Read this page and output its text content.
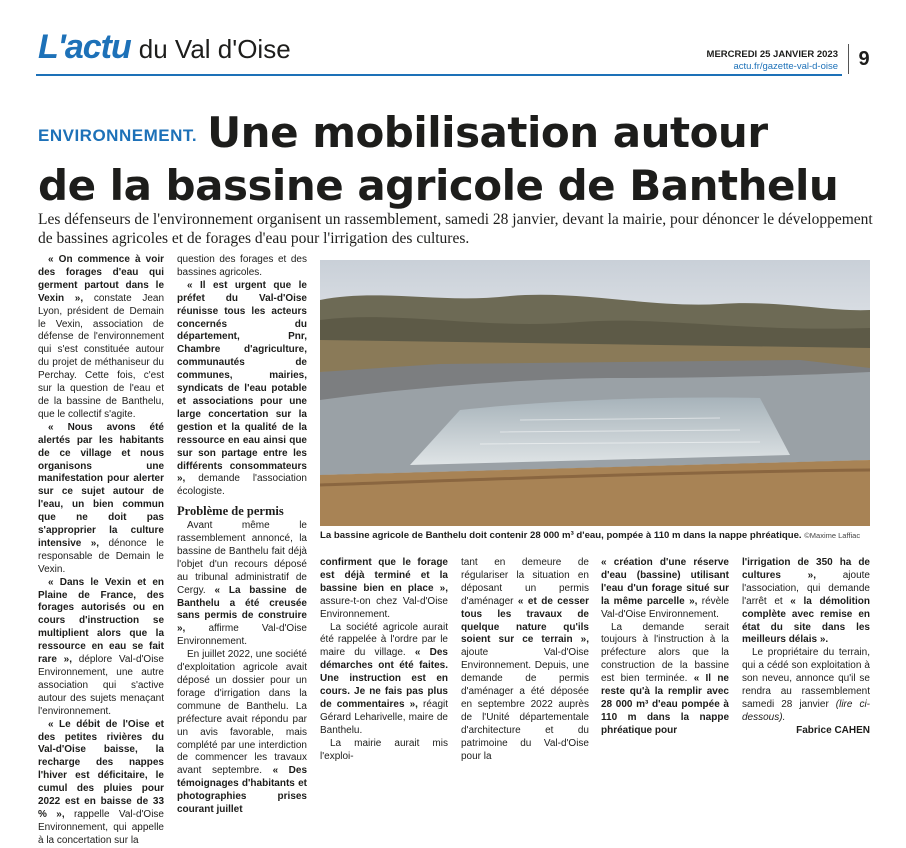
L'actu du Val d'Oise	MERCREDI 25 JANVIER 2023
actu.fr/gazette-val-d-oise	9
ENVIRONNEMENT. Une mobilisation autour
de la bassine agricole de Banthelu
Les défenseurs de l'environnement organisent un rassemblement, samedi 28 janvier, devant la mairie, pour dénoncer le développement de bassines agricoles et de forages d'eau pour l'irrigation des cultures.

« On commence à voir des forages d'eau qui germent partout dans le Vexin », constate Jean Lyon, président de Demain le Vexin, association de défense de l'environnement qui s'est constituée autour du projet de méthaniseur du Perchay. Cette fois, c'est sur la question de l'eau et de la bassine de Banthelu, que le collectif s'agite.

« Nous avons été alertés par les habitants de ce village et nous organisons une manifestation pour alerter sur ce sujet autour de l'eau, un bien commun que ne doit pas s'approprier la culture intensive », dénonce le responsable de Demain le Vexin.

« Dans le Vexin et en Plaine de France, des forages autorisés ou en cours d'instruction se multiplient alors que la ressource en eau se fait rare », déplore Val-d'Oise Environnement, une autre association qui s'active autour des sujets menaçant l'environnement.

« Le débit de l'Oise et des petites rivières du Val-d'Oise baisse, la recharge des nappes l'hiver est déficitaire, le cumul des pluies pour 2022 est en baisse de 33 % », rappelle Val-d'Oise Environnement, qui appelle à la concertation sur la

question des forages et des bassines agricoles.

« Il est urgent que le préfet du Val-d'Oise réunisse tous les acteurs concernés du département, Pnr, Chambre d'agriculture, communautés de communes, mairies, syndicats de l'eau potable et associations pour une large concertation sur la gestion et la qualité de la ressource en eau ainsi que sur son partage entre les différents consommateurs », demande l'association écologiste.

Problème de permis

Avant même le rassemblement annoncé, la bassine de Banthelu fait déjà l'objet d'un recours déposé au tribunal administratif de Cergy. « La bassine de Banthelu a été creusée sans permis de construire », affirme Val-d'Oise Environnement.

En juillet 2022, une société d'exploitation agricole avait déposé un dossier pour un forage d'irrigation dans la commune de Banthelu. La préfecture avait répondu par un avis favorable, mais complété par une interdiction de commencer les travaux avant septembre. « Des témoignages d'habitants et photographies prises courant juillet

La bassine agricole de Banthelu doit contenir 28 000 m³ d'eau, pompée à 110 m dans la nappe phréatique. ©Maxime Laffiac

confirment que le forage est déjà terminé et la bassine bien en place », assure-t-on chez Val-d'Oise Environnement.

La société agricole aurait été rappelée à l'ordre par le maire du village. « Des démarches ont été faites. Une instruction est en cours. Je ne fais pas plus de commentaires », réagit Gérard Leharivelle, maire de Banthelu.

La mairie aurait mis l'exploi-

tant en demeure de régulariser la situation en déposant un permis d'aménager « et de cesser tous les travaux de quelque nature qu'ils soient sur ce terrain », ajoute Val-d'Oise Environnement. Depuis, une demande de permis d'aménager a été déposée en septembre 2022 auprès de l'Unité départementale d'architecture et du patrimoine du Val-d'Oise pour la

« création d'une réserve d'eau (bassine) utilisant l'eau d'un forage situé sur la même parcelle », révèle Val-d'Oise Environnement.

La demande serait toujours à l'instruction à la préfecture alors que la construction de la bassine est bien terminée. « Il ne reste qu'à la remplir avec 28 000 m³ d'eau pompée à 110 m dans la nappe phréatique pour

l'irrigation de 350 ha de cultures », ajoute l'association, qui demande l'arrêt et « la démolition complète avec remise en état du site dans les meilleurs délais ».

Le propriétaire du terrain, qui a cédé son exploitation à son neveu, annonce qu'il se rendra au rassemblement samedi 28 janvier (lire ci-dessous).

Fabrice CAHEN
